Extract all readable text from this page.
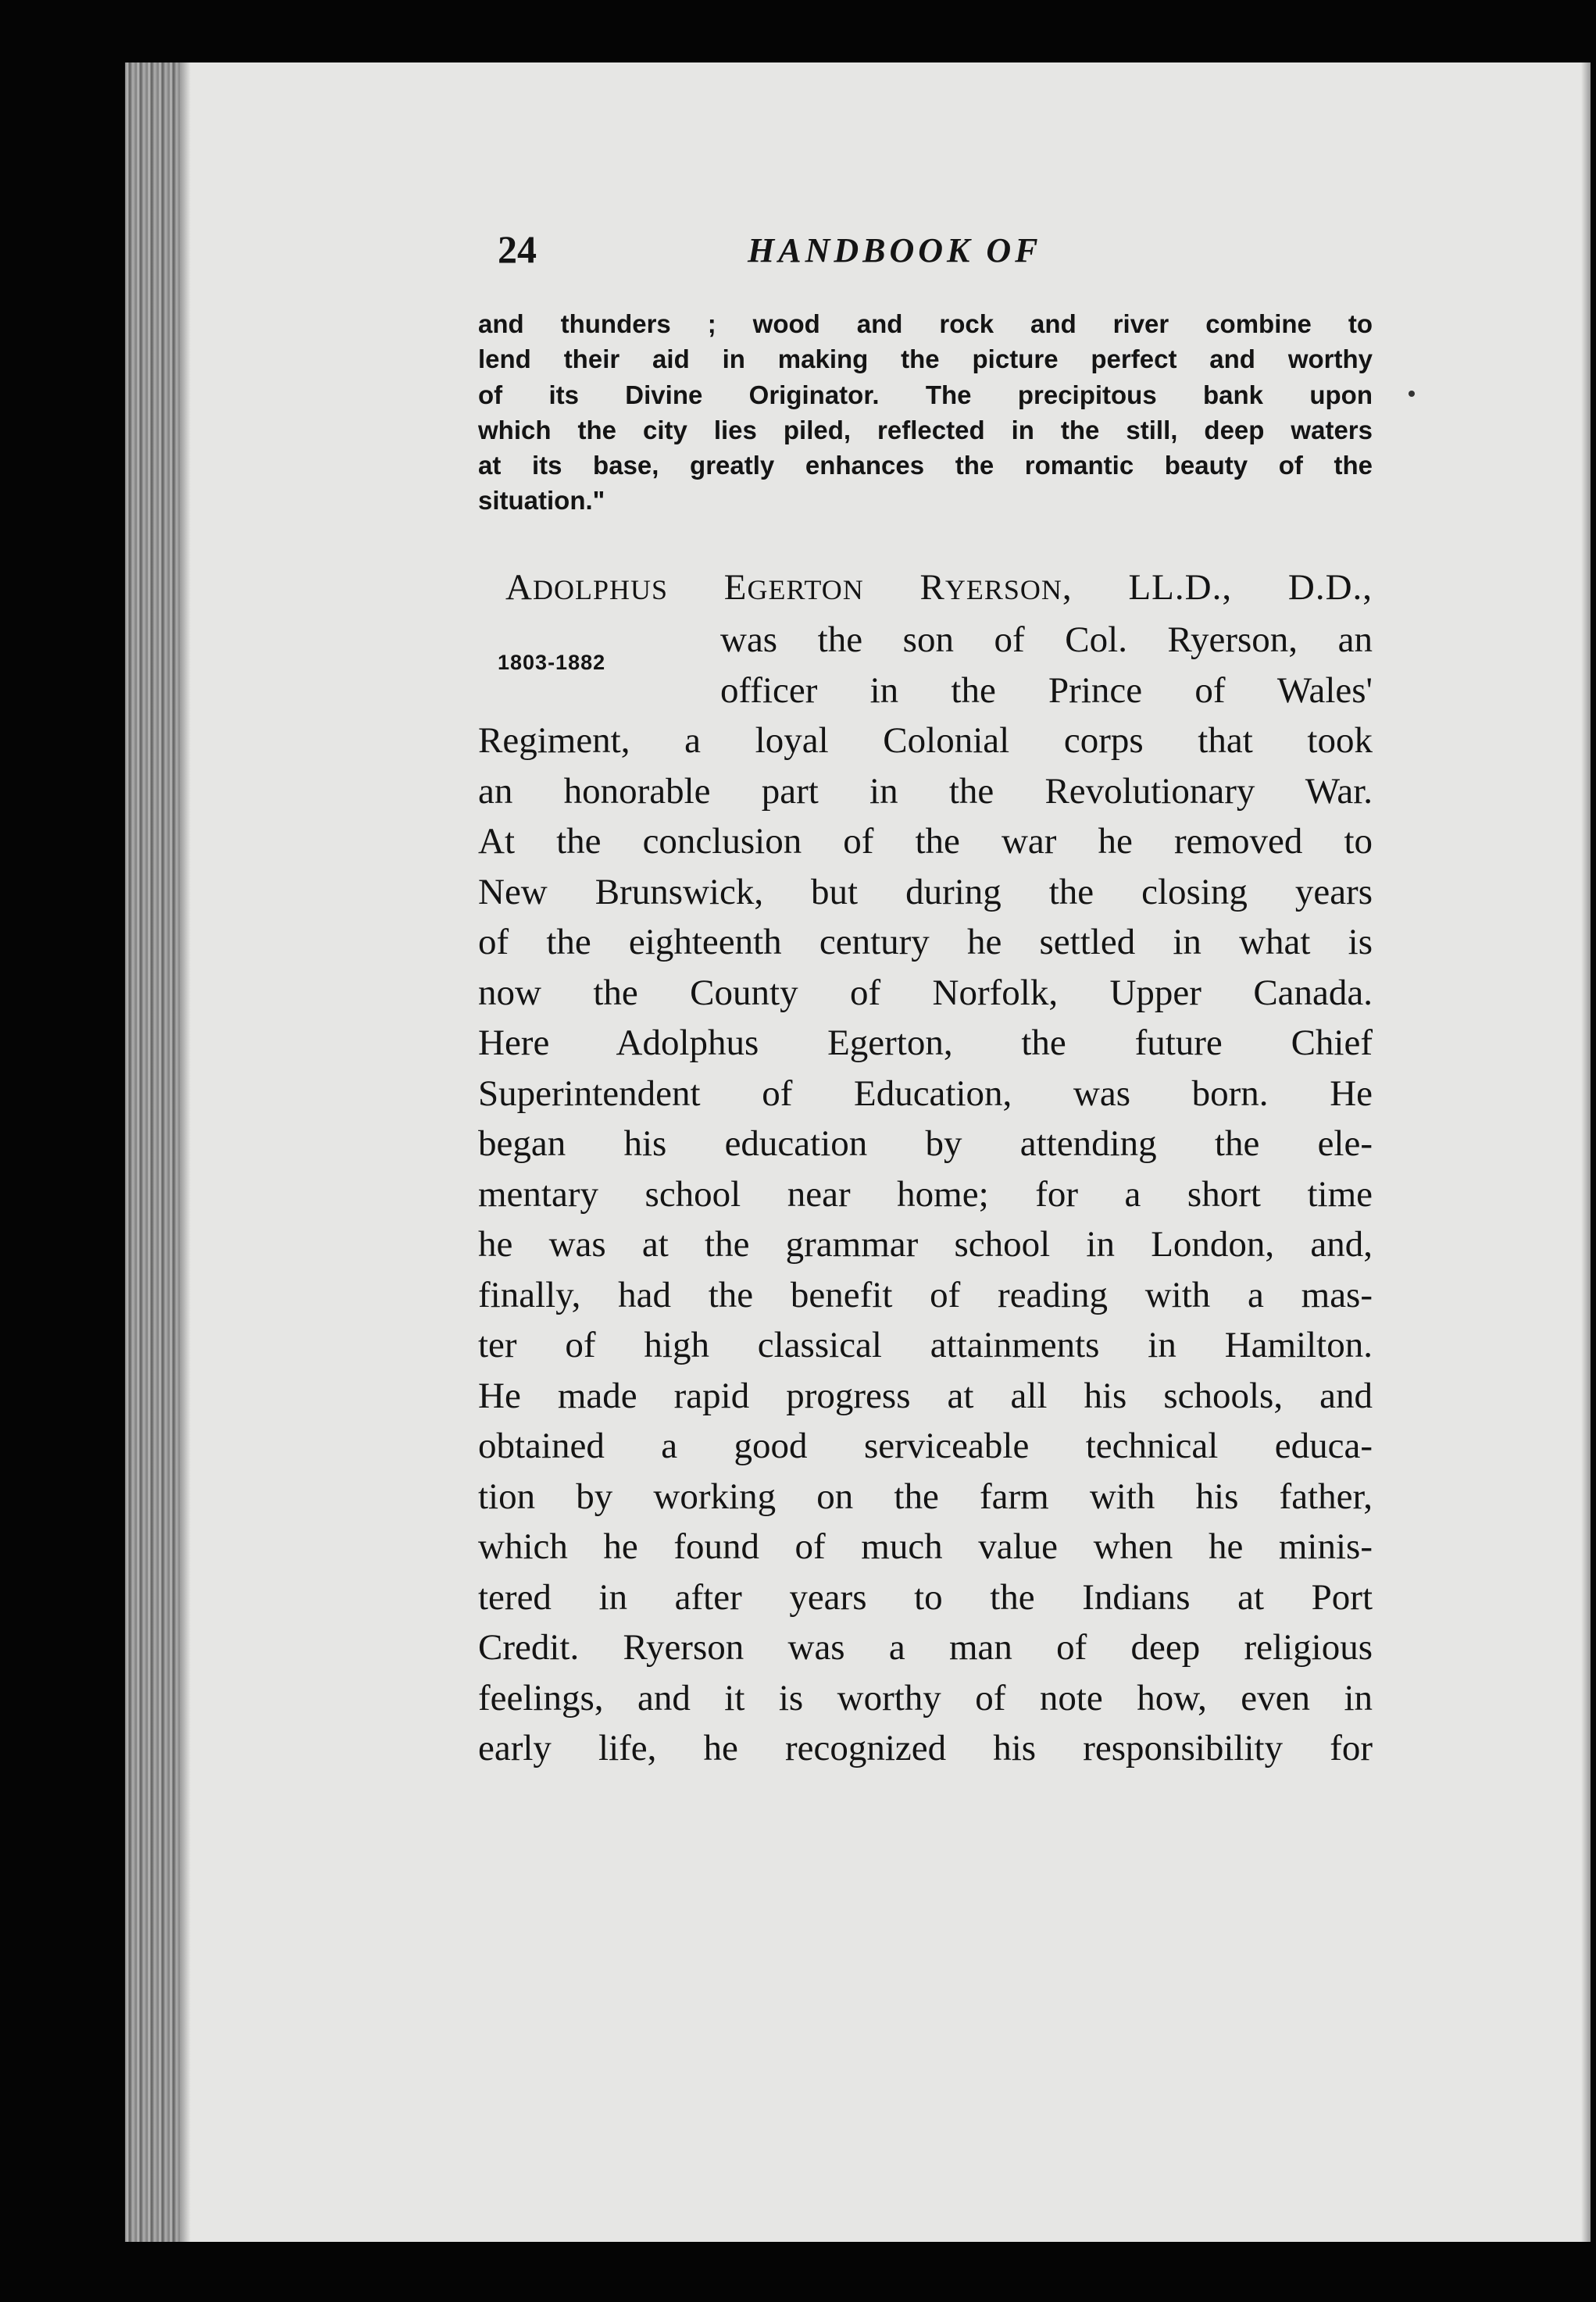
24	HANDBOOK OF
and thunders ; wood and rock and river combine to
lend their aid in making the picture perfect and worthy
of its Divine Originator. The precipitous bank upon
which the city lies piled, reflected in the still, deep waters
at its base, greatly enhances the romantic beauty of the
situation."
ADOLPHUS EGERTON RYERSON, LL.D., D.D.,
1803-1882
was the son of Col. Ryerson, an
officer in the Prince of Wales'
Regiment, a loyal Colonial corps that took
an honorable part in the Revolutionary War.
At the conclusion of the war he removed to
New Brunswick, but during the closing years
of the eighteenth century he settled in what is
now the County of Norfolk, Upper Canada.
Here Adolphus Egerton, the future Chief
Superintendent of Education, was born. He
began his education by attending the ele-
mentary school near home; for a short time
he was at the grammar school in London, and,
finally, had the benefit of reading with a mas-
ter of high classical attainments in Hamilton.
He made rapid progress at all his schools, and
obtained a good serviceable technical educa-
tion by working on the farm with his father,
which he found of much value when he minis-
tered in after years to the Indians at Port
Credit. Ryerson was a man of deep religious
feelings, and it is worthy of note how, even in
early life, he recognized his responsibility for
